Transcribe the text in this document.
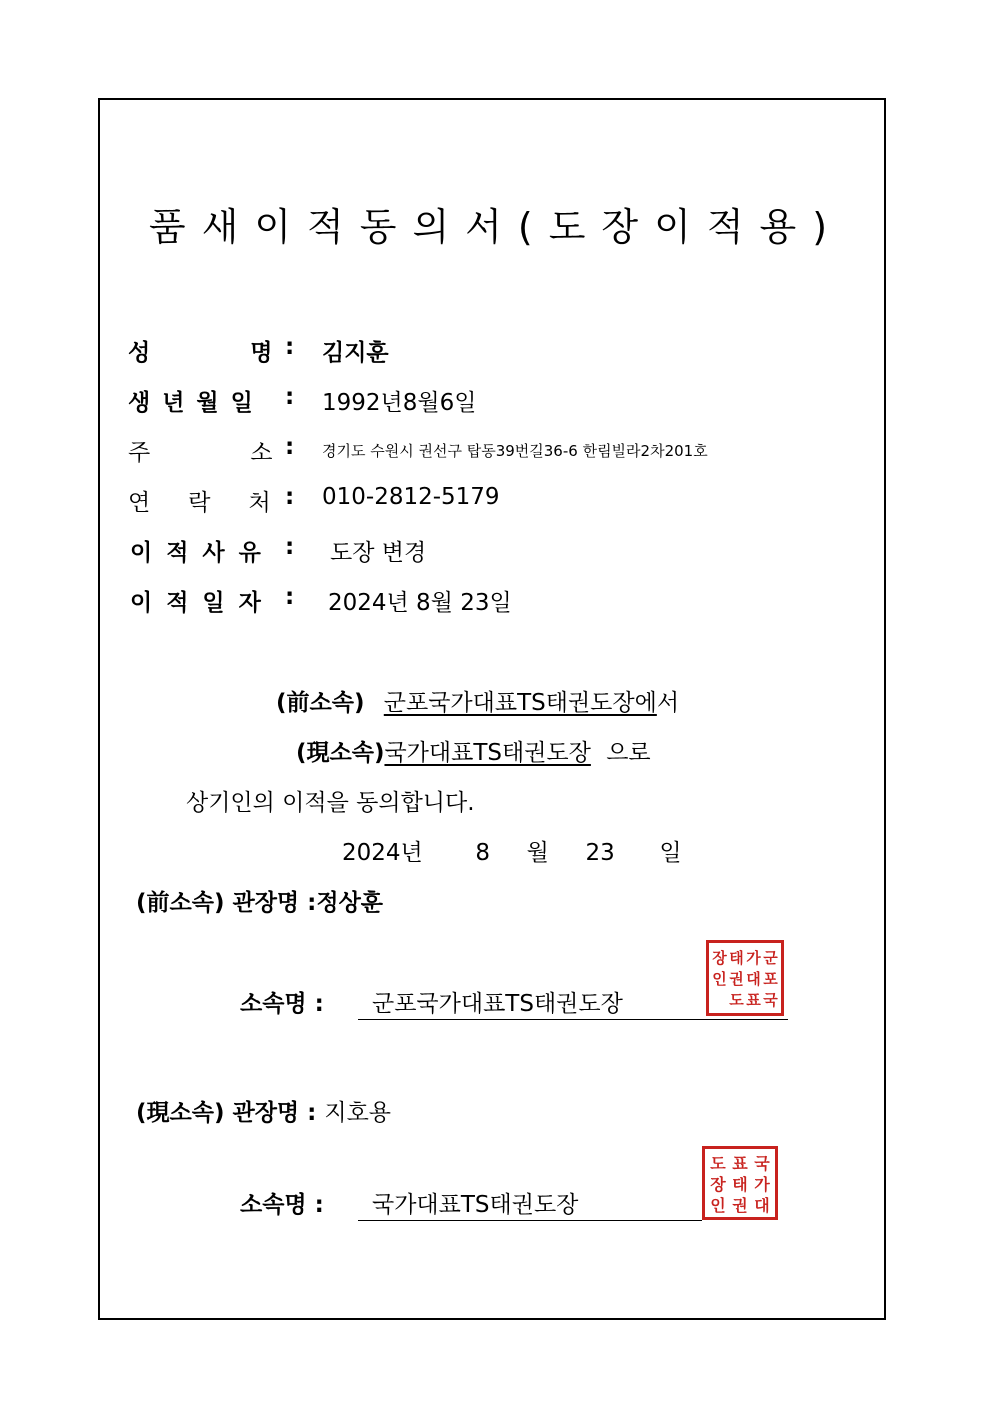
품새이적동의서(도장이적용)
성	명 : 김지훈
생년월일 : 1992년8월6일
주	소 : 경기도 수원시 권선구 탑동39번길36-6 한림빌라2차201호
연 락 처 : 010-2812-5179
이적사유 : 도장 변경
이적일자 : 2024년 8월 23일
(前소속) 군포국가대표TS태권도장에서
(現소속)국가대표TS태권도장 으로
상기인의 이적을 동의합니다.
2024년 8 월 23 일
(前소속) 관장명 :정상훈
소속명 : 군포국가대표TS태권도장
군
포
국
가
대
표
태
권
도
장
인
(現소속) 관장명 : 지호용
소속명 : 국가대표TS태권도장
국
가
대
표
태
권
도
장
인
